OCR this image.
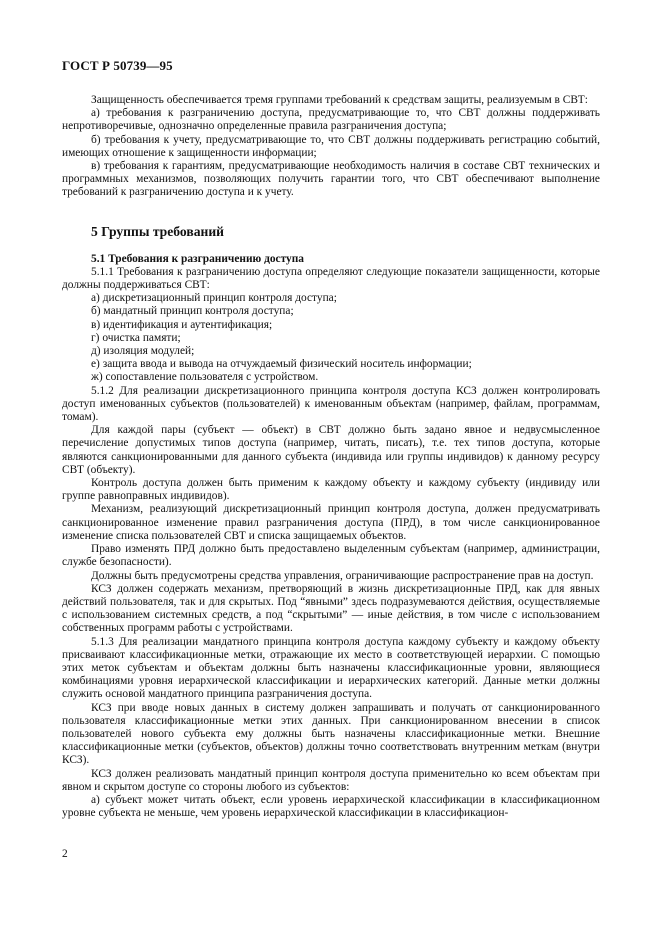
ГОСТ Р 50739—95

Защищенность обеспечивается тремя группами требований к средствам защиты, реализуемым в СВТ:

а) требования к разграничению доступа, предусматривающие то, что СВТ должны поддерживать непротиворечивые, однозначно определенные правила разграничения доступа;

б) требования к учету, предусматривающие то, что СВТ должны поддерживать регистрацию событий, имеющих отношение к защищенности информации;

в) требования к гарантиям, предусматривающие необходимость наличия в составе СВТ технических и программных механизмов, позволяющих получить гарантии того, что СВТ обеспечивают выполнение требований к разграничению доступа и к учету.

5 Группы требований
5.1 Требования к разграничению доступа

5.1.1 Требования к разграничению доступа определяют следующие показатели защищенности, которые должны поддерживаться СВТ:

а) дискретизационный принцип контроля доступа;

б) мандатный принцип контроля доступа;

в) идентификация и аутентификация;

г) очистка памяти;

д) изоляция модулей;

е) защита ввода и вывода на отчуждаемый физический носитель информации;

ж) сопоставление пользователя с устройством.

5.1.2 Для реализации дискретизационного принципа контроля доступа КСЗ должен контролировать доступ именованных субъектов (пользователей) к именованным объектам (например, файлам, программам, томам).

Для каждой пары (субъект — объект) в СВТ должно быть задано явное и недвусмысленное перечисление допустимых типов доступа (например, читать, писать), т.е. тех типов доступа, которые являются санкционированными для данного субъекта (индивида или группы индивидов) к данному ресурсу СВТ (объекту).

Контроль доступа должен быть применим к каждому объекту и каждому субъекту (индивиду или группе равноправных индивидов).

Механизм, реализующий дискретизационный принцип контроля доступа, должен предусматривать санкционированное изменение правил разграничения доступа (ПРД), в том числе санкционированное изменение списка пользователей СВТ и списка защищаемых объектов.

Право изменять ПРД должно быть предоставлено выделенным субъектам (например, администрации, службе безопасности).

Должны быть предусмотрены средства управления, ограничивающие распространение прав на доступ.

КСЗ должен содержать механизм, претворяющий в жизнь дискретизационные ПРД, как для явных действий пользователя, так и для скрытых. Под “явными” здесь подразумеваются действия, осуществляемые с использованием системных средств, а под “скрытыми” — иные действия, в том числе с использованием собственных программ работы с устройствами.

5.1.3 Для реализации мандатного принципа контроля доступа каждому субъекту и каждому объекту присваивают классификационные метки, отражающие их место в соответствующей иерархии. С помощью этих меток субъектам и объектам должны быть назначены классификационные уровни, являющиеся комбинациями уровня иерархической классификации и иерархических категорий. Данные метки должны служить основой мандатного принципа разграничения доступа.

КСЗ при вводе новых данных в систему должен запрашивать и получать от санкционированного пользователя классификационные метки этих данных. При санкционированном внесении в список пользователей нового субъекта ему должны быть назначены классификационные метки. Внешние классификационные метки (субъектов, объектов) должны точно соответствовать внутренним меткам (внутри КСЗ).

КСЗ должен реализовать мандатный принцип контроля доступа применительно ко всем объектам при явном и скрытом доступе со стороны любого из субъектов:

а) субъект может читать объект, если уровень иерархической классификации в классификационном уровне субъекта не меньше, чем уровень иерархической классификации в классификацион-

2
